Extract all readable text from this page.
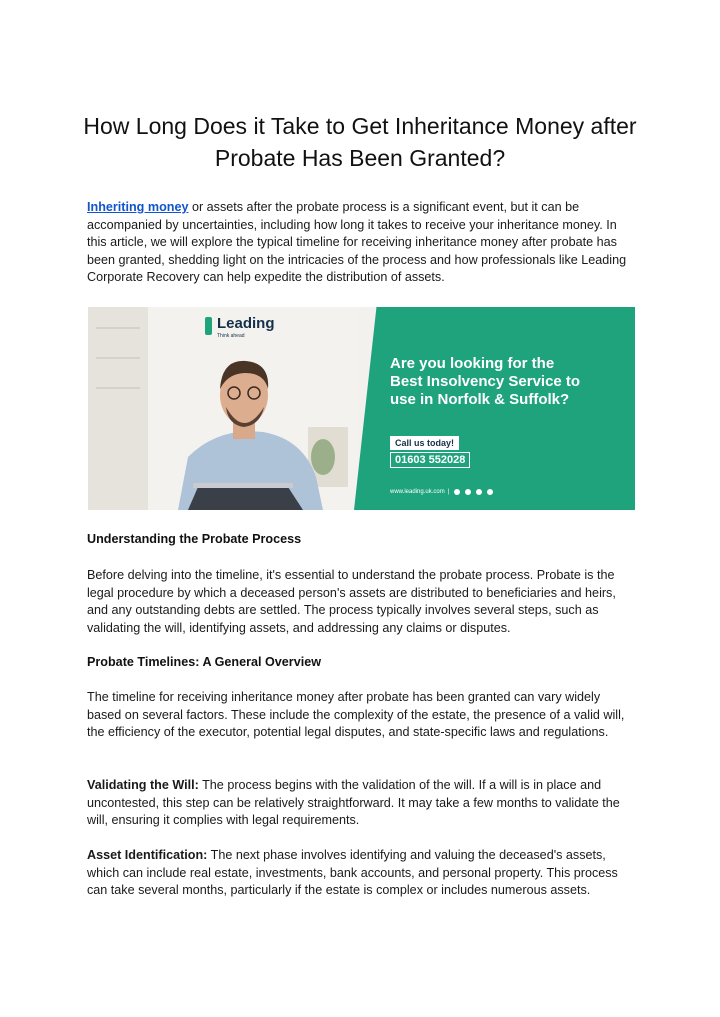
How Long Does it Take to Get Inheritance Money after Probate Has Been Granted?

Inheriting money or assets after the probate process is a significant event, but it can be accompanied by uncertainties, including how long it takes to receive your inheritance money. In this article, we will explore the typical timeline for receiving inheritance money after probate has been granted, shedding light on the intricacies of the process and how professionals like Leading Corporate Recovery can help expedite the distribution of assets.

Leading
Think ahead

Are you looking for the Best Insolvency Service to use in Norfolk & Suffolk?

Call us today!
01603 552028
www.leading.uk.com |
Understanding the Probate Process

Before delving into the timeline, it's essential to understand the probate process. Probate is the legal procedure by which a deceased person's assets are distributed to beneficiaries and heirs, and any outstanding debts are settled. The process typically involves several steps, such as validating the will, identifying assets, and addressing any claims or disputes.

Probate Timelines: A General Overview

The timeline for receiving inheritance money after probate has been granted can vary widely based on several factors. These include the complexity of the estate, the presence of a valid will, the efficiency of the executor, potential legal disputes, and state-specific laws and regulations.

Validating the Will: The process begins with the validation of the will. If a will is in place and uncontested, this step can be relatively straightforward. It may take a few months to validate the will, ensuring it complies with legal requirements.

Asset Identification: The next phase involves identifying and valuing the deceased's assets, which can include real estate, investments, bank accounts, and personal property. This process can take several months, particularly if the estate is complex or includes numerous assets.
